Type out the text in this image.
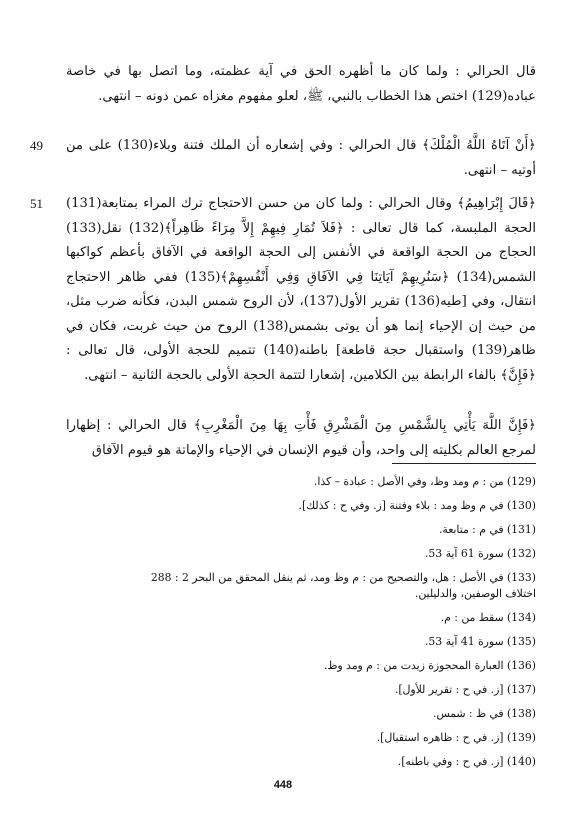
قال الحرالي : ولما كان ما أظهره الحق في آية عظمته، وما اتصل بها في خاصة عباده(129) اختص هذا الخطاب بالنبي، ﷺ، لعلو مفهوم مغزاه عمن دونه – انتهى.

49 ﴿أَنْ آتَاهُ اللَّهُ الْمُلْكَ﴾ قال الحرالي : وفي إشعاره أن الملك فتنة وبلاء(130) على من أوتيه – انتهى.
51 ﴿قَالَ إِبْرَاهِيمُ﴾ وقال الحرالي : ولما كان من حسن الاحتجاج ترك المراء بمتابعة(131) الحجة الملبسة، كما قال تعالى : ﴿فَلاَ تُمَارِ فِيهِمْ إِلاَّ مِرَاءً ظَاهِراً﴾(132) نقل(133) الحجاج من الحجة الواقعة في الأنفس إلى الحجة الواقعة في الآفاق بأعظم كواكبها الشمس(134) ﴿سَنُرِيهِمْ آيَاتِنَا فِي الآفَاقِ وَفِي أَنْفُسِهِمْ﴾(135) ففي ظاهر الاحتجاج انتقال، وفي [طيه(136) تقرير الأول(137)، لأن الروح شمس البدن، فكأنه ضرب مثل، من حيث إن الإحياء إنما هو أن يوتى بشمس(138) الروح من حيث غربت، فكان في ظاهر(139) واستقبال حجة قاطعة] باطنه(140) تتميم للحجة الأولى، قال تعالى : ﴿فَإِنَّ﴾ بالفاء الرابطة بين الكلامين، إشعارا لتتمة الحجة الأولى بالحجة الثانية – انتهى.

﴿فَإِنَّ اللَّهَ يَأْتِي بِالشَّمْسِ مِنَ الْمَشْرِقِ فَأْتِ بِهَا مِنَ الْمَغْرِبِ﴾ قال الحرالي : إظهارا لمرجع العالم بكليته إلى واحد، وأن قيوم الإنسان في الإحياء والإماتة هو قيوم الآفاق

(129) من : م ومد وظ، وفي الأصل : عبادة – كذا.
(130) في م وظ ومد : بلاء وفتنة [ز. وفي ح : كذلك].
(131) في م : متابعة.
(132) سورة 61 آية 53.
(133) في الأصل : هل، والتصحيح من : م وظ ومد، ثم ينقل المحقق من البحر 2 : 288 اختلاف الوصفين، والدليلين.
(134) سقط من : م.
(135) سورة 41 آية 53.
(136) العبارة المحجوزة زيدت من : م ومد وظ.
(137) [ز. في ح : تقرير للأول].
(138) في ظ : شمس.
(139) [ز. في ح : ظاهره استقبال].
(140) [ز. في ح : وفي باطنه].
448
